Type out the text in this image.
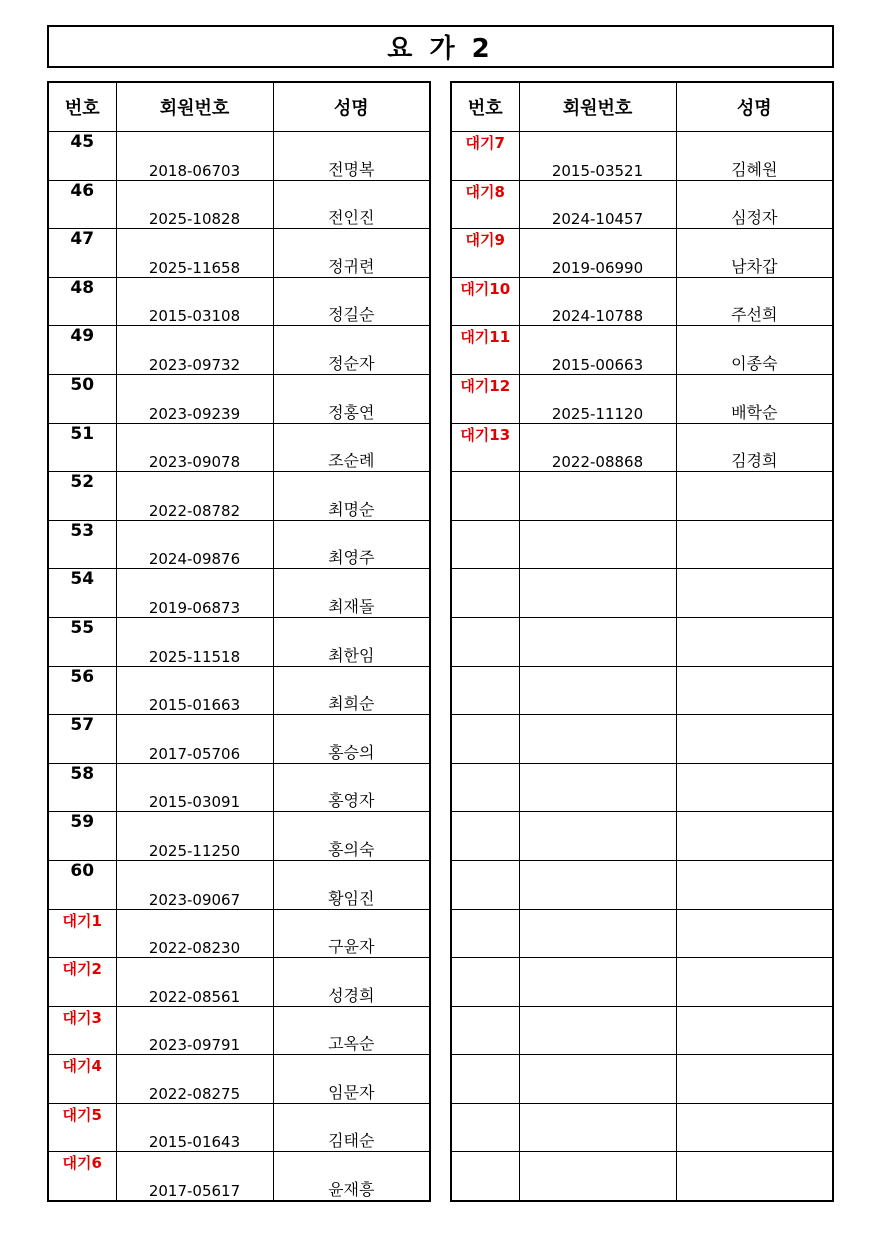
요 가 2
번호	회원번호	성명
45	2018-06703	전명복
46	2025-10828	전인진
47	2025-11658	정귀련
48	2015-03108	정길순
49	2023-09732	정순자
50	2023-09239	정홍연
51	2023-09078	조순례
52	2022-08782	최명순
53	2024-09876	최영주
54	2019-06873	최재돌
55	2025-11518	최한임
56	2015-01663	최희순
57	2017-05706	홍승의
58	2015-03091	홍영자
59	2025-11250	홍의숙
60	2023-09067	황임진
대기1	2022-08230	구윤자
대기2	2022-08561	성경희
대기3	2023-09791	고옥순
대기4	2022-08275	임문자
대기5	2015-01643	김태순
대기6	2017-05617	윤재흥
번호	회원번호	성명
대기7	2015-03521	김혜원
대기8	2024-10457	심정자
대기9	2019-06990	남차갑
대기10	2024-10788	주선희
대기11	2015-00663	이종숙
대기12	2025-11120	배학순
대기13	2022-08868	김경희
